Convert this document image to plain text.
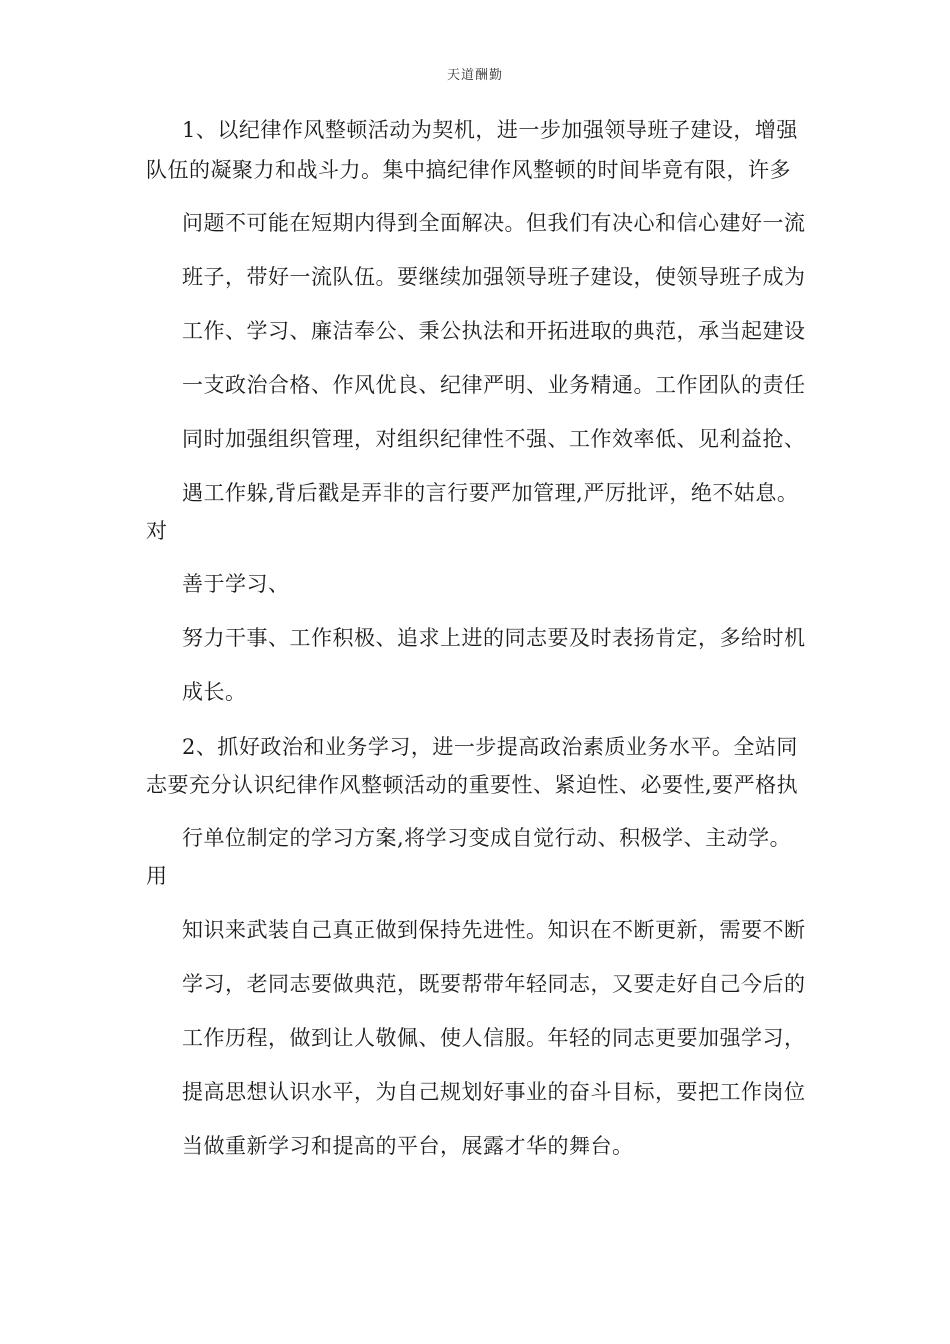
天道酬勤
1、以纪律作风整顿活动为契机，进一步加强领导班子建设，增强
队伍的凝聚力和战斗力。集中搞纪律作风整顿的时间毕竟有限，许多
问题不可能在短期内得到全面解决。但我们有决心和信心建好一流
班子，带好一流队伍。要继续加强领导班子建设，使领导班子成为
工作、学习、廉洁奉公、秉公执法和开拓进取的典范，承当起建设
一支政治合格、作风优良、纪律严明、业务精通。工作团队的责任
同时加强组织管理，对组织纪律性不强、工作效率低、见利益抢、
遇工作躲,背后戳是弄非的言行要严加管理,严厉批评，绝不姑息。
对
善于学习、
努力干事、工作积极、追求上进的同志要及时表扬肯定，多给时机
成长。
2、抓好政治和业务学习，进一步提高政治素质业务水平。全站同
志要充分认识纪律作风整顿活动的重要性、紧迫性、必要性,要严格执
行单位制定的学习方案,将学习变成自觉行动、积极学、主动学。
用
知识来武装自己真正做到保持先进性。知识在不断更新，需要不断
学习，老同志要做典范，既要帮带年轻同志，又要走好自己今后的
工作历程，做到让人敬佩、使人信服。年轻的同志更要加强学习，
提高思想认识水平，为自己规划好事业的奋斗目标，要把工作岗位
当做重新学习和提高的平台，展露才华的舞台。
